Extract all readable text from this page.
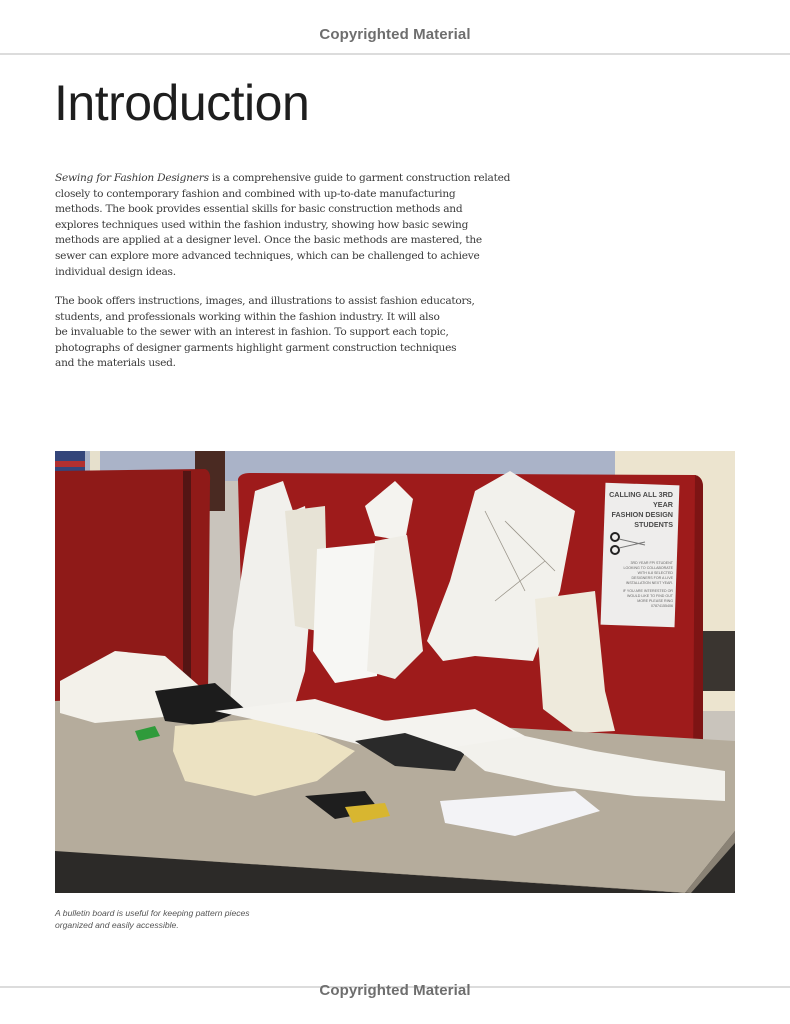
Copyrighted Material
Introduction

Sewing for Fashion Designers is a comprehensive guide to garment construction related
closely to contemporary fashion and combined with up-to-date manufacturing
methods. The book provides essential skills for basic construction methods and
explores techniques used within the fashion industry, showing how basic sewing
methods are applied at a designer level. Once the basic methods are mastered, the
sewer can explore more advanced techniques, which can be challenged to achieve
individual design ideas.

The book offers instructions, images, and illustrations to assist fashion educators,
students, and professionals working within the fashion industry. It will also
be invaluable to the sewer with an interest in fashion. To support each topic,
photographs of designer garments highlight garment construction techniques
and the materials used.

CALLING ALL 3RD
YEAR
FASHION DESIGN
STUDENTS
3RD YEAR FPI STUDENT
LOOKING TO COLLABORATE
WITH 6-8 SELECTED
DESIGNERS FOR A LIVE
INSTALLATION NEXT YEAR.
IF YOU ARE INTERESTED OR
WOULD LIKE TO FIND OUT
MORE PLEASE RING
07874155406

A bulletin board is useful for keeping pattern pieces
organized and easily accessible.

Copyrighted Material
